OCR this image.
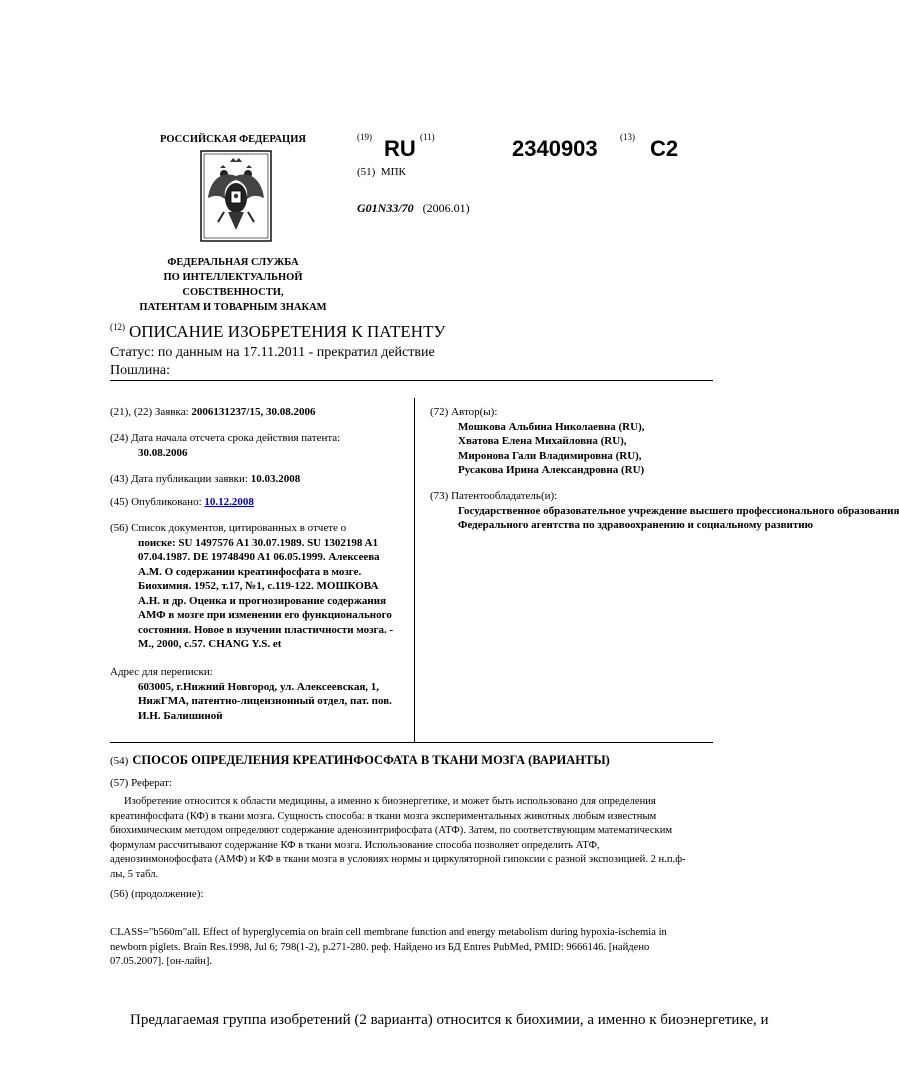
РОССИЙСКАЯ ФЕДЕРАЦИЯ
ФЕДЕРАЛЬНАЯ СЛУЖБА
ПО ИНТЕЛЛЕКТУАЛЬНОЙ
СОБСТВЕННОСТИ,
ПАТЕНТАМ И ТОВАРНЫМ ЗНАКАМ
(19) RU (11)	2340903 (13) C2
(51) МПК
G01N33/70 (2006.01)
$^{(12)}$ ОПИСАНИЕ ИЗОБРЕТЕНИЯ К ПАТЕНТУ
Статус: по данным на 17.11.2011 - прекратил действие
Пошлина:
(21), (22) Заявка: 2006131237/15, 30.08.2006
(24) Дата начала отсчета срока действия патента:
30.08.2006
(43) Дата публикации заявки: 10.03.2008
(45) Опубликовано: 10.12.2008
(56) Список документов, цитированных в отчете о
поиске: SU 1497576 A1 30.07.1989. SU 1302198 A1
07.04.1987. DE 19748490 A1 06.05.1999. Алексеева
А.М. О содержании креатинфосфата в мозге.
Биохимия. 1952, т.17, №1, с.119-122. МОШКОВА
А.Н. и др. Оценка и прогнозирование содержания
АМФ в мозге при изменении его функционального
состояния. Новое в изучении пластичности мозга. -
М., 2000, с.57. CHANG Y.S. et
Адрес для переписки:
603005, г.Нижний Новгород, ул. Алексеевская, 1,
НижГМА, патентно-лицензионный отдел, пат. пов.
И.Н. Балишиной
(72) Автор(ы):
Мошкова Альбина Николаевна (RU),
Хватова Елена Михайловна (RU),
Миронова Гали Владимировна (RU),
Русакова Ирина Александровна (RU)
(73) Патентообладатель(и):
Государственное образовательное учреждение высшего профессионального образования
Федерального агентства по здравоохранению и социальному развитию
(54) СПОСОБ ОПРЕДЕЛЕНИЯ КРЕАТИНФОСФАТА В ТКАНИ МОЗГА (ВАРИАНТЫ)
(57) Реферат:
Изобретение относится к области медицины, а именно к биоэнергетике, и может быть использовано для определения
креатинфосфата (КФ) в ткани мозга. Сущность способа: в ткани мозга экспериментальных животных любым известным
биохимическим методом определяют содержание аденозинтрифосфата (АТФ). Затем, по соответствующим математическим
формулам рассчитывают содержание КФ в ткани мозга. Использование способа позволяет определить АТФ,
аденозинмонофосфата (АМФ) и КФ в ткани мозга в условиях нормы и циркуляторной гипоксии с разной экспозицией. 2 н.п.ф-
лы, 5 табл.
(56) (продолжение):
CLASS="b560m"all. Effect of hyperglycemia on brain cell membrane function and energy metabolism during hypoxia-ischemia in
newborn piglets. Brain Res.1998, Jul 6; 798(1-2), p.271-280. реф. Найдено из БД Entres PubMed, PMID: 9666146. [найдено
07.05.2007]. [он-лайн].
Предлагаемая группа изобретений (2 варианта) относится к биохимии, а именно к биоэнергетике, и
